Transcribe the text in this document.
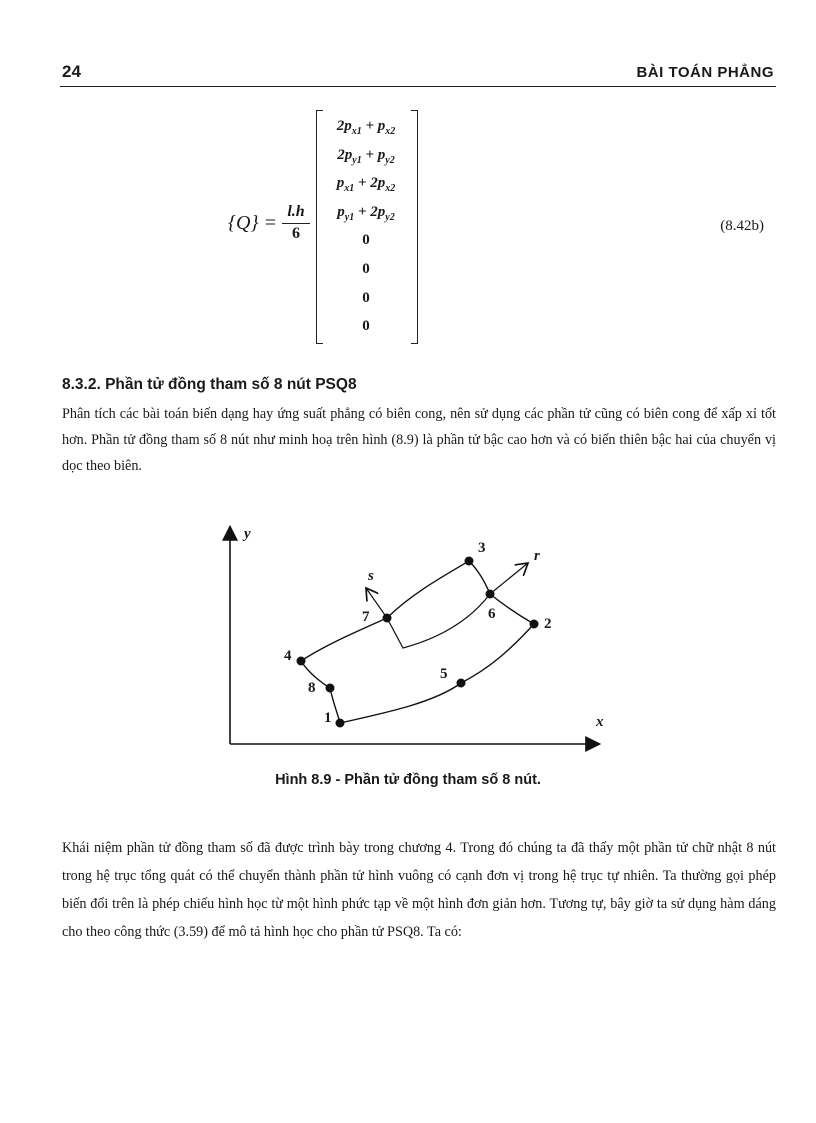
24	BÀI TOÁN PHẲNG
$\{Q\} = \frac{l.h}{6}$
$2p_{x1} + p_{x2}$
$2p_{y1} + p_{y2}$
$p_{x1} + 2p_{x2}$
$p_{y1} + 2p_{y2}$
0
0
0
0
(8.42b)
8.3.2. Phần tử đồng tham số 8 nút PSQ8
Phân tích các bài toán biến dạng hay ứng suất phẳng có biên cong, nên sử dụng các phần tử cũng có biên cong để xấp xỉ tốt hơn. Phần tử đồng tham số 8 nút như minh hoạ trên hình (8.9) là phần tử bậc cao hơn và có biến thiên bậc hai của chuyển vị dọc theo biên.
y
x
r
s
1
2
3
4
5
6
7
8
Hình 8.9 - Phần tử đồng tham số 8 nút.
Khái niệm phần tử đồng tham số đã được trình bày trong chương 4. Trong đó chúng ta đã thấy một phần tử chữ nhật 8 nút trong hệ trục tổng quát có thể chuyển thành phần tử hình vuông có cạnh đơn vị trong hệ trục tự nhiên. Ta thường gọi phép biến đổi trên là phép chiếu hình học từ một hình phức tạp về một hình đơn giản hơn. Tương tự, bây giờ ta sử dụng hàm dáng cho theo công thức (3.59) để mô tả hình học cho phần tử PSQ8. Ta có:
